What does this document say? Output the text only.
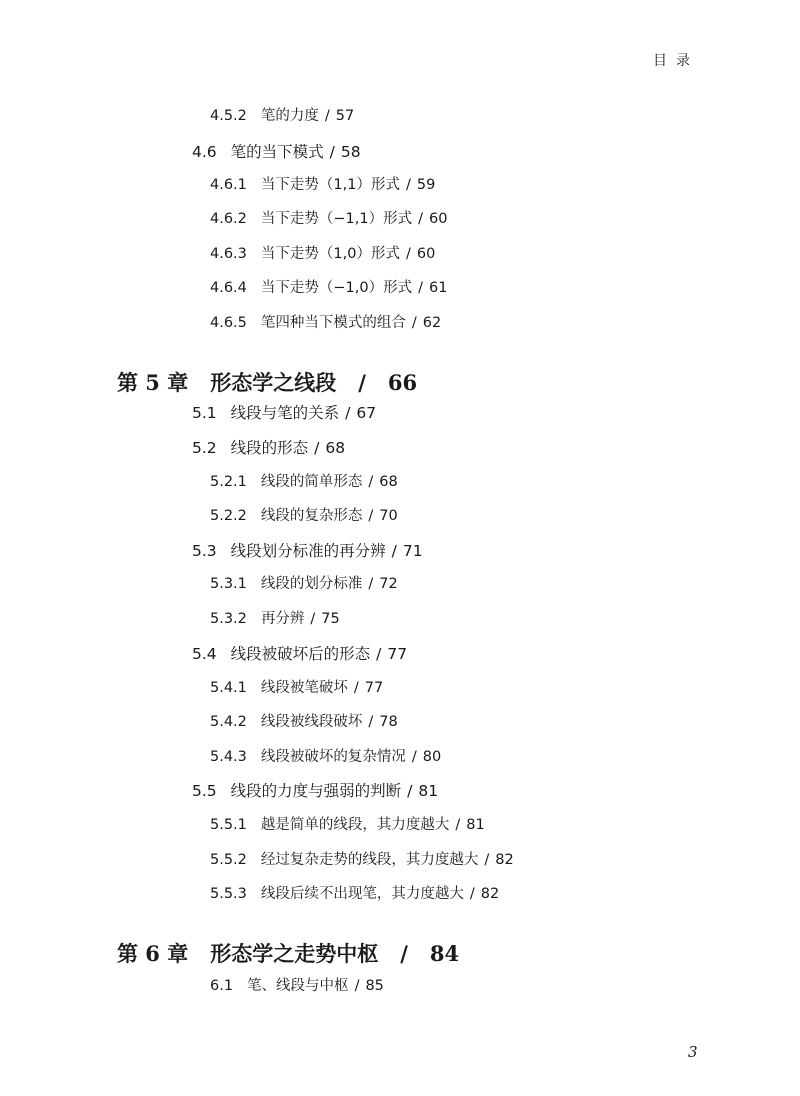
目录
4.5.2 笔的力度 / 57
4.6 笔的当下模式 / 58
4.6.1 当下走势（1,1）形式 / 59
4.6.2 当下走势（−1,1）形式 / 60
4.6.3 当下走势（1,0）形式 / 60
4.6.4 当下走势（−1,0）形式 / 61
4.6.5 笔四种当下模式的组合 / 62
第 5 章 形态学之线段 / 66
5.1 线段与笔的关系 / 67
5.2 线段的形态 / 68
5.2.1 线段的简单形态 / 68
5.2.2 线段的复杂形态 / 70
5.3 线段划分标准的再分辨 / 71
5.3.1 线段的划分标准 / 72
5.3.2 再分辨 / 75
5.4 线段被破坏后的形态 / 77
5.4.1 线段被笔破坏 / 77
5.4.2 线段被线段破坏 / 78
5.4.3 线段被破坏的复杂情况 / 80
5.5 线段的力度与强弱的判断 / 81
5.5.1 越是简单的线段，其力度越大 / 81
5.5.2 经过复杂走势的线段，其力度越大 / 82
5.5.3 线段后续不出现笔，其力度越大 / 82
第 6 章 形态学之走势中枢 / 84
6.1 笔、线段与中枢 / 85
3
